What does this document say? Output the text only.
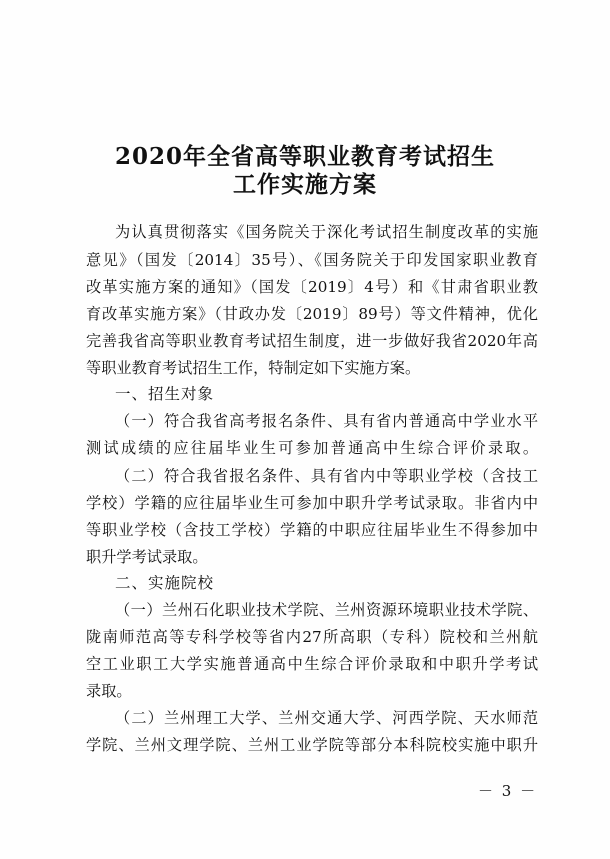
2020年全省高等职业教育考试招生
工作实施方案
为认真贯彻落实《国务院关于深化考试招生制度改革的实施
意见》（国发〔2014〕35号）、《国务院关于印发国家职业教育
改革实施方案的通知》（国发〔2019〕4号）和《甘肃省职业教
育改革实施方案》（甘政办发〔2019〕89号）等文件精神，优化
完善我省高等职业教育考试招生制度，进一步做好我省2020年高
等职业教育考试招生工作，特制定如下实施方案。
一、招生对象
（一）符合我省高考报名条件、具有省内普通高中学业水平
测试成绩的应往届毕业生可参加普通高中生综合评价录取。
（二）符合我省报名条件、具有省内中等职业学校（含技工
学校）学籍的应往届毕业生可参加中职升学考试录取。非省内中
等职业学校（含技工学校）学籍的中职应往届毕业生不得参加中
职升学考试录取。
二、实施院校
（一）兰州石化职业技术学院、兰州资源环境职业技术学院、
陇南师范高等专科学校等省内27所高职（专科）院校和兰州航
空工业职工大学实施普通高中生综合评价录取和中职升学考试
录取。
（二）兰州理工大学、兰州交通大学、河西学院、天水师范
学院、兰州文理学院、兰州工业学院等部分本科院校实施中职升
－ 3 －
